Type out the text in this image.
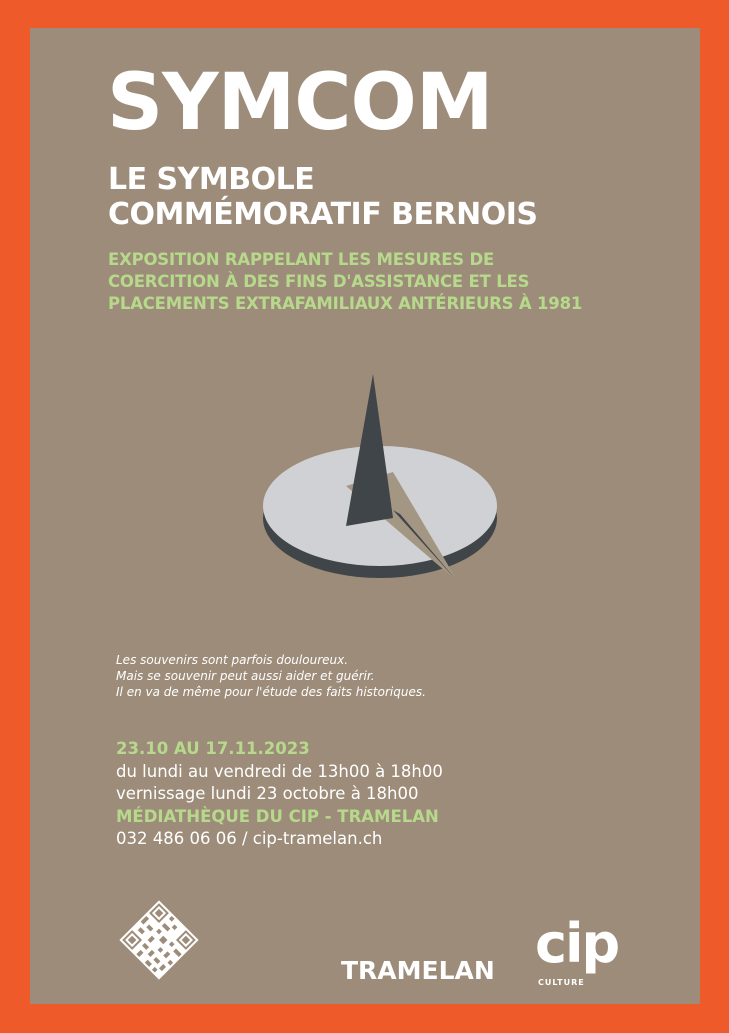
SYMCOM
LE SYMBOLE
COMMÉMORATIF BERNOIS
EXPOSITION RAPPELANT LES MESURES DE
COERCITION À DES FINS D'ASSISTANCE ET LES
PLACEMENTS EXTRAFAMILIAUX ANTÉRIEURS À 1981
Les souvenirs sont parfois douloureux.
Mais se souvenir peut aussi aider et guérir.
Il en va de même pour l'étude des faits historiques.
23.10 AU 17.11.2023
du lundi au vendredi de 13h00 à 18h00
vernissage lundi 23 octobre à 18h00
MÉDIATHÈQUE DU CIP - TRAMELAN
032 486 06 06 / cip-tramelan.ch
TRAMELAN cip
CULTURE
